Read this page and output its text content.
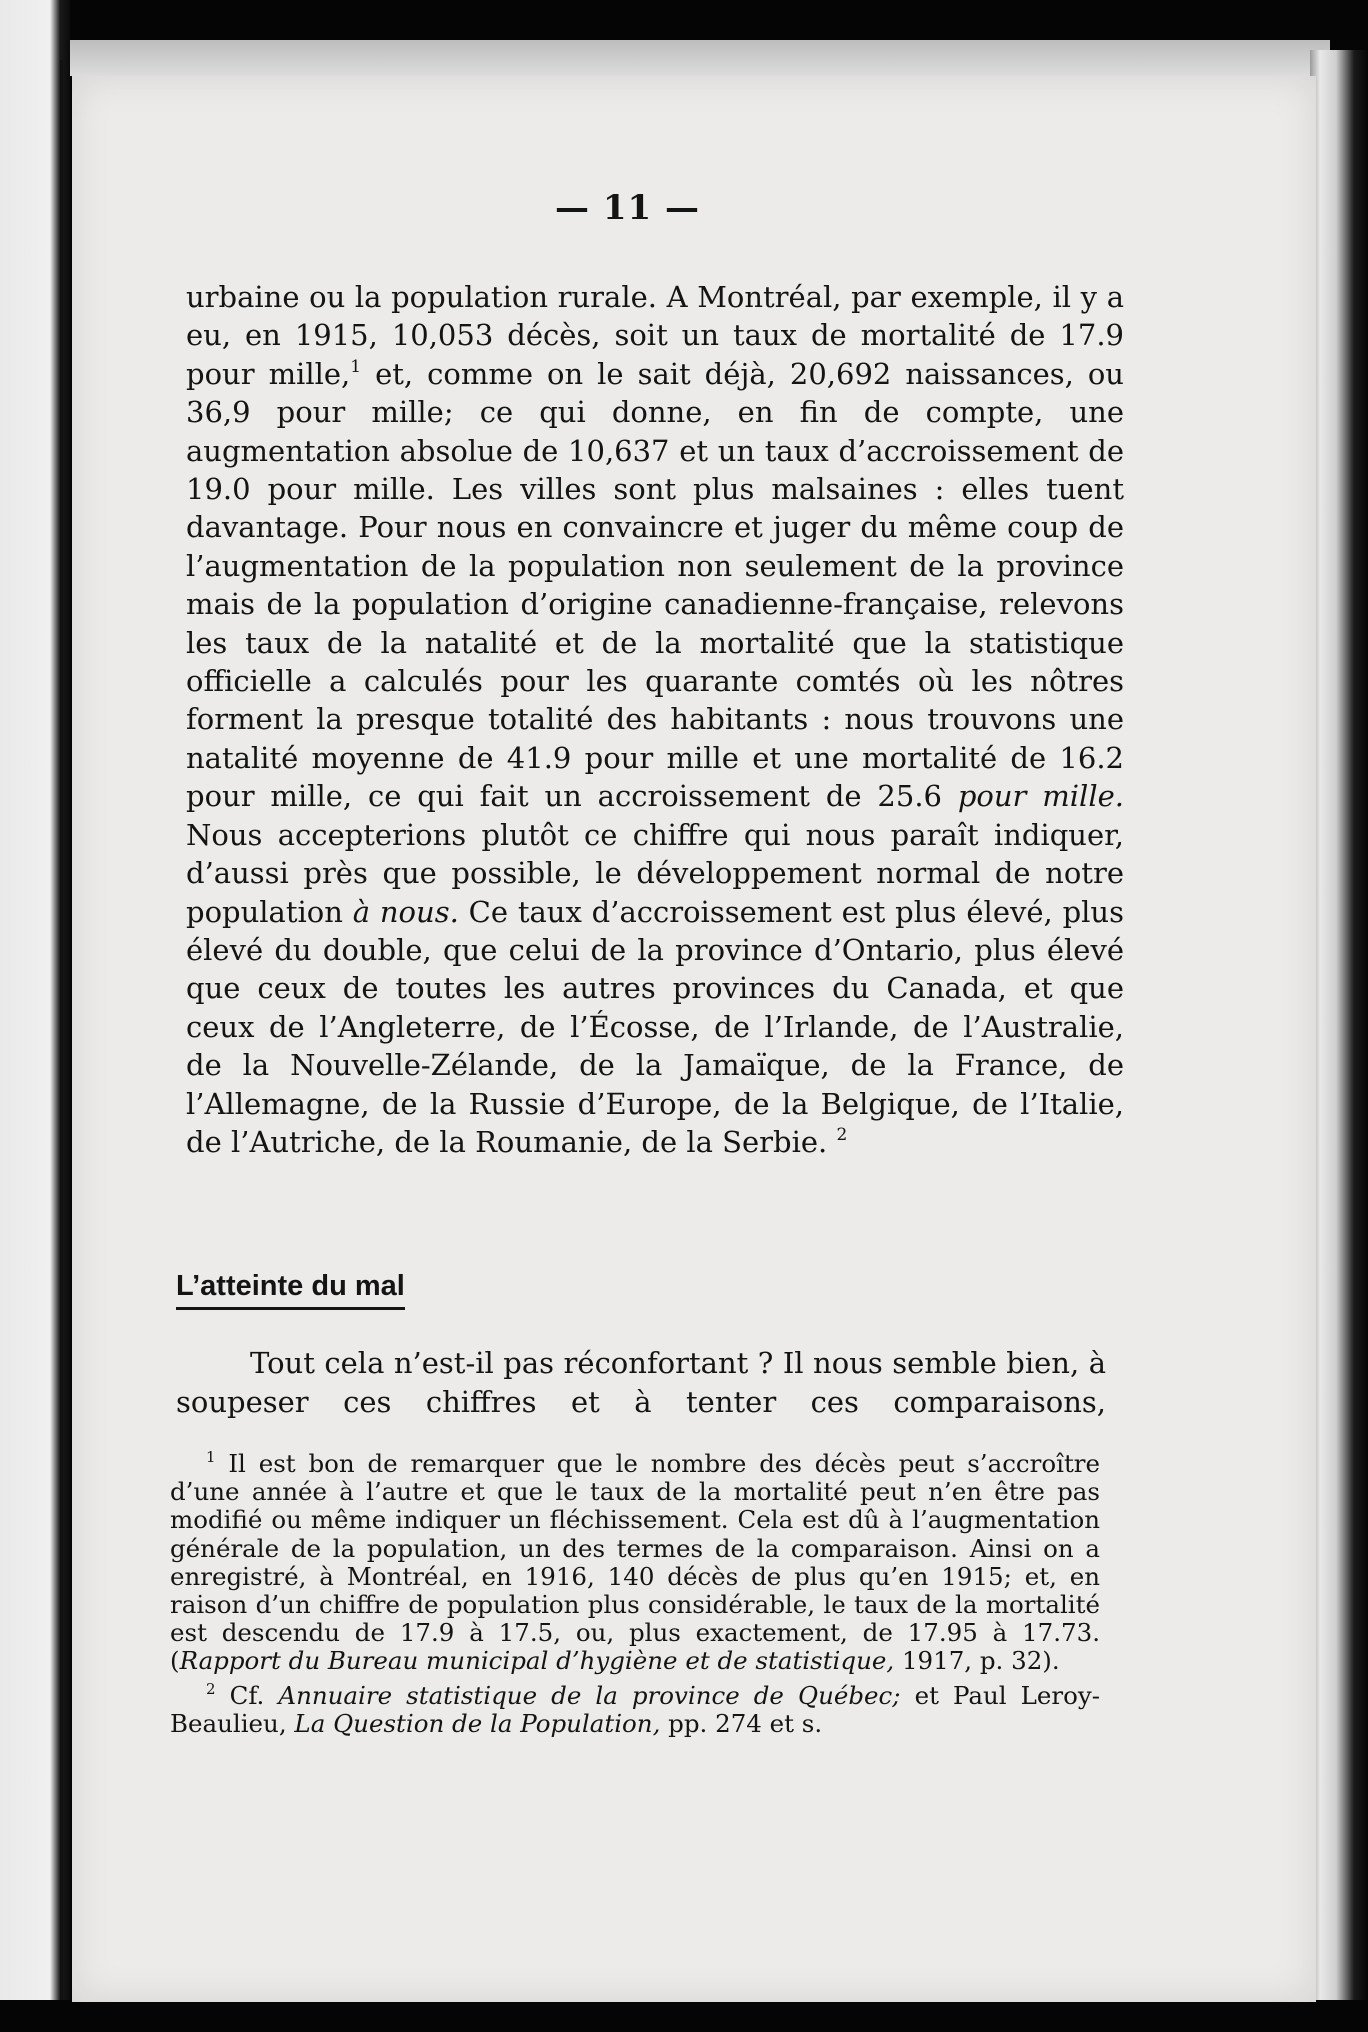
— 11 —
urbaine ou la population rurale. A Montréal, par exemple, il y a eu, en 1915, 10,053 décès, soit un taux de mortalité de 17.9 pour mille,$^1$ et, comme on le sait déjà, 20,692 naissances, ou 36,9 pour mille; ce qui donne, en fin de compte, une augmentation absolue de 10,637 et un taux d’accroissement de 19.0 pour mille. Les villes sont plus malsaines : elles tuent davantage. Pour nous en convaincre et juger du même coup de l’augmentation de la population non seulement de la province mais de la population d’origine canadienne-française, relevons les taux de la natalité et de la mortalité que la statistique officielle a calculés pour les quarante comtés où les nôtres forment la presque totalité des habitants : nous trouvons une natalité moyenne de 41.9 pour mille et une mortalité de 16.2 pour mille, ce qui fait un accroissement de 25.6 pour mille. Nous accepterions plutôt ce chiffre qui nous paraît indiquer, d’aussi près que possible, le développement normal de notre population à nous. Ce taux d’accroissement est plus élevé, plus élevé du double, que celui de la province d’Ontario, plus élevé que ceux de toutes les autres provinces du Canada, et que ceux de l’Angleterre, de l’Écosse, de l’Irlande, de l’Australie, de la Nouvelle-Zélande, de la Jamaïque, de la France, de l’Allemagne, de la Russie d’Europe, de la Belgique, de l’Italie, de l’Autriche, de la Roumanie, de la Serbie. $^2$
L’atteinte du mal
Tout cela n’est-il pas réconfortant ? Il nous semble bien, à soupeser ces chiffres et à tenter ces comparaisons,

$^1$ Il est bon de remarquer que le nombre des décès peut s’accroître d’une année à l’autre et que le taux de la mortalité peut n’en être pas modifié ou même indiquer un fléchissement. Cela est dû à l’augmentation générale de la population, un des termes de la comparaison. Ainsi on a enregistré, à Montréal, en 1916, 140 décès de plus qu’en 1915; et, en raison d’un chiffre de population plus considérable, le taux de la mortalité est descendu de 17.9 à 17.5, ou, plus exactement, de 17.95 à 17.73. (Rapport du Bureau municipal d’hygiène et de statistique, 1917, p. 32).

$^2$ Cf. Annuaire statistique de la province de Québec; et Paul Leroy-Beaulieu, La Question de la Population, pp. 274 et s.
